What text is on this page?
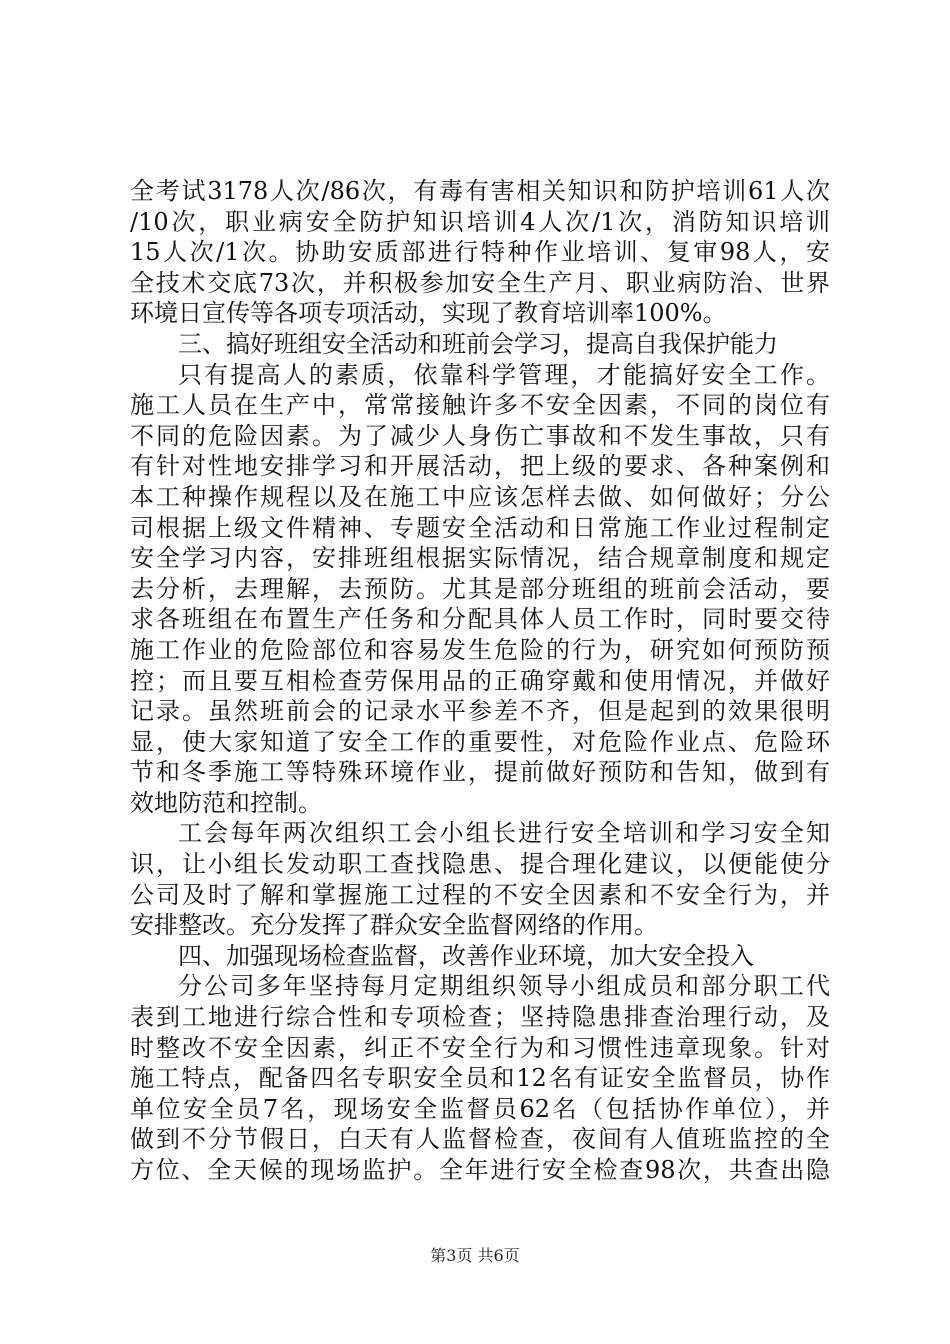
全考试3178人次/86次，有毒有害相关知识和防护培训61人次
/10次，职业病安全防护知识培训4人次/1次，消防知识培训
15人次/1次。协助安质部进行特种作业培训、复审98人，安
全技术交底73次，并积极参加安全生产月、职业病防治、世界
环境日宣传等各项专项活动，实现了教育培训率100%。
三、搞好班组安全活动和班前会学习，提高自我保护能力
只有提高人的素质，依靠科学管理，才能搞好安全工作。
施工人员在生产中，常常接触许多不安全因素，不同的岗位有
不同的危险因素。为了减少人身伤亡事故和不发生事故，只有
有针对性地安排学习和开展活动，把上级的要求、各种案例和
本工种操作规程以及在施工中应该怎样去做、如何做好；分公
司根据上级文件精神、专题安全活动和日常施工作业过程制定
安全学习内容，安排班组根据实际情况，结合规章制度和规定
去分析，去理解，去预防。尤其是部分班组的班前会活动，要
求各班组在布置生产任务和分配具体人员工作时，同时要交待
施工作业的危险部位和容易发生危险的行为，研究如何预防预
控；而且要互相检查劳保用品的正确穿戴和使用情况，并做好
记录。虽然班前会的记录水平参差不齐，但是起到的效果很明
显，使大家知道了安全工作的重要性，对危险作业点、危险环
节和冬季施工等特殊环境作业，提前做好预防和告知，做到有
效地防范和控制。
工会每年两次组织工会小组长进行安全培训和学习安全知
识，让小组长发动职工查找隐患、提合理化建议，以便能使分
公司及时了解和掌握施工过程的不安全因素和不安全行为，并
安排整改。充分发挥了群众安全监督网络的作用。
四、加强现场检查监督，改善作业环境，加大安全投入
分公司多年坚持每月定期组织领导小组成员和部分职工代
表到工地进行综合性和专项检查；坚持隐患排查治理行动，及
时整改不安全因素，纠正不安全行为和习惯性违章现象。针对
施工特点，配备四名专职安全员和12名有证安全监督员，协作
单位安全员7名，现场安全监督员62名（包括协作单位），并
做到不分节假日，白天有人监督检查，夜间有人值班监控的全
方位、全天候的现场监护。全年进行安全检查98次，共查出隐
第3页 共6页
